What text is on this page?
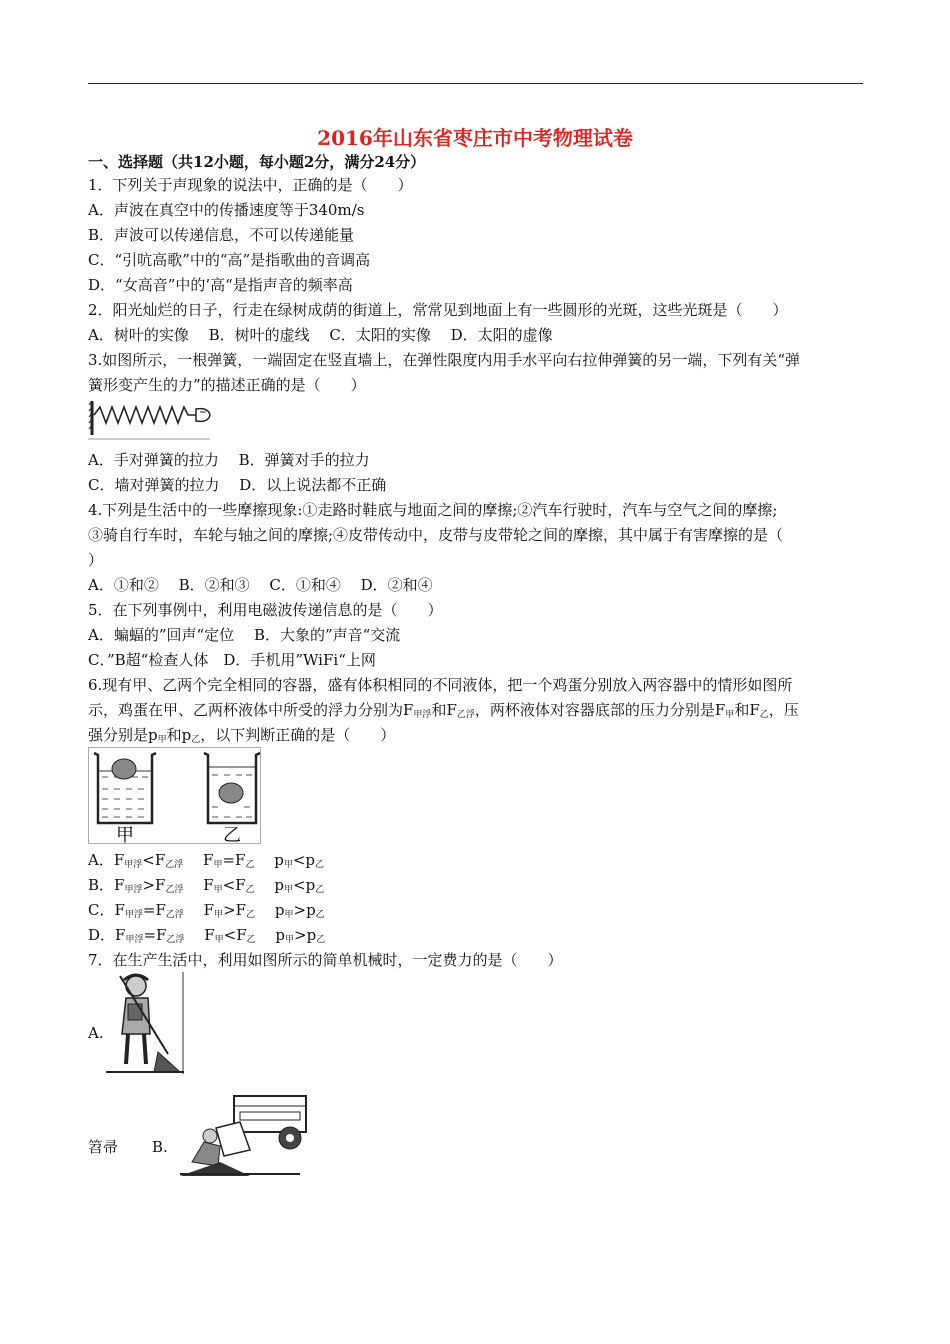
2016年山东省枣庄市中考物理试卷
一、选择题（共12小题，每小题2分，满分24分）
1．下列关于声现象的说法中，正确的是（　　）
A．声波在真空中的传播速度等于340m/s
B．声波可以传递信息，不可以传递能量
C．“引吭高歌”中的“高”是指歌曲的音调高
D．“女高音”中的’高“是指声音的频率高
2．阳光灿烂的日子，行走在绿树成荫的街道上，常常见到地面上有一些圆形的光斑，这些光斑是（　　）
A．树叶的实像　 B．树叶的虚线　 C．太阳的实像　 D．太阳的虚像
3.如图所示，一根弹簧，一端固定在竖直墙上，在弹性限度内用手水平向右拉伸弹簧的另一端，下列有关“弹
簧形变产生的力”的描述正确的是（　　）
A．手对弹簧的拉力　 B．弹簧对手的拉力
C．墙对弹簧的拉力　 D．以上说法都不正确
4.下列是生活中的一些摩擦现象:①走路时鞋底与地面之间的摩擦;②汽车行驶时，汽车与空气之间的摩擦;
③骑自行车时，车轮与轴之间的摩擦;④皮带传动中，皮带与皮带轮之间的摩擦，其中属于有害摩擦的是（
）
A．①和②　 B．②和③　 C．①和④　 D．②和④
5．在下列事例中，利用电磁波传递信息的是（　　）
A．蝙蝠的”回声“定位　 B．大象的”声音“交流
C．”B超“检查人体　D．手机用”WiFi“上网
6.现有甲、乙两个完全相同的容器，盛有体积相同的不同液体，把一个鸡蛋分别放入两容器中的情形如图所
示，鸡蛋在甲、乙两杯液体中所受的浮力分别为$F_{甲浮}$和$F_{乙浮}$，两杯液体对容器底部的压力分别是$F_甲$和$F_乙$，压
强分别是$p_甲$和$p_乙$，以下判断正确的是（　　）
甲	乙
A．$F_{甲浮}<F_{乙浮}$　 $F_甲=F_乙$　 $p_甲<p_乙$
B．$F_{甲浮}>F_{乙浮}$　 $F_甲<F_乙$　 $p_甲<p_乙$
C．$F_{甲浮}=F_{乙浮}$　 $F_甲>F_乙$　 $p_甲>p_乙$
D．$F_{甲浮}=F_{乙浮}$　 $F_甲<F_乙$　 $p_甲>p_乙$
7．在生产生活中，利用如图所示的简单机械时，一定费力的是（　　）
A.
笤帚 B.
